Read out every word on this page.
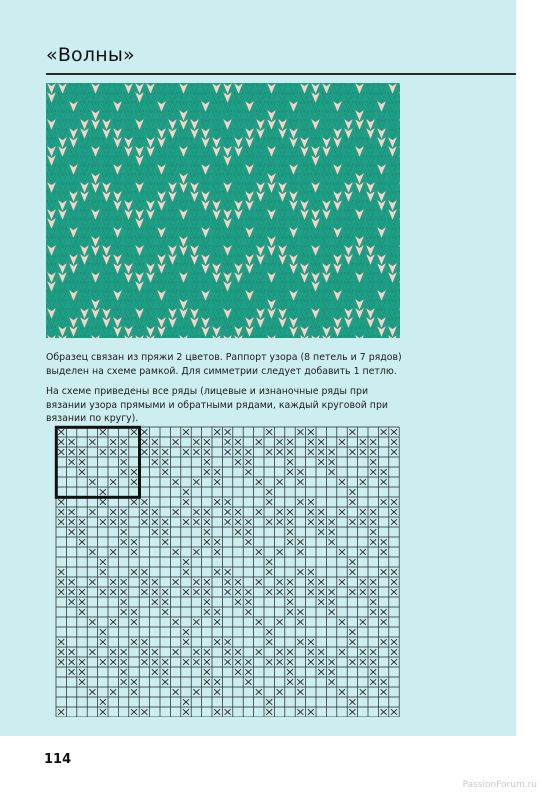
«Волны»

Образец связан из пряжи 2 цветов. Раппорт узора (8 петель и 7 рядов) выделен на схеме рамкой. Для симметрии следует добавить 1 петлю.

На схеме приведены все ряды (лицевые и изнаночные ряды при вязании узора прямыми и обратными рядами, каждый круговой при вязании по кругу).

114
PassionForum.ru
